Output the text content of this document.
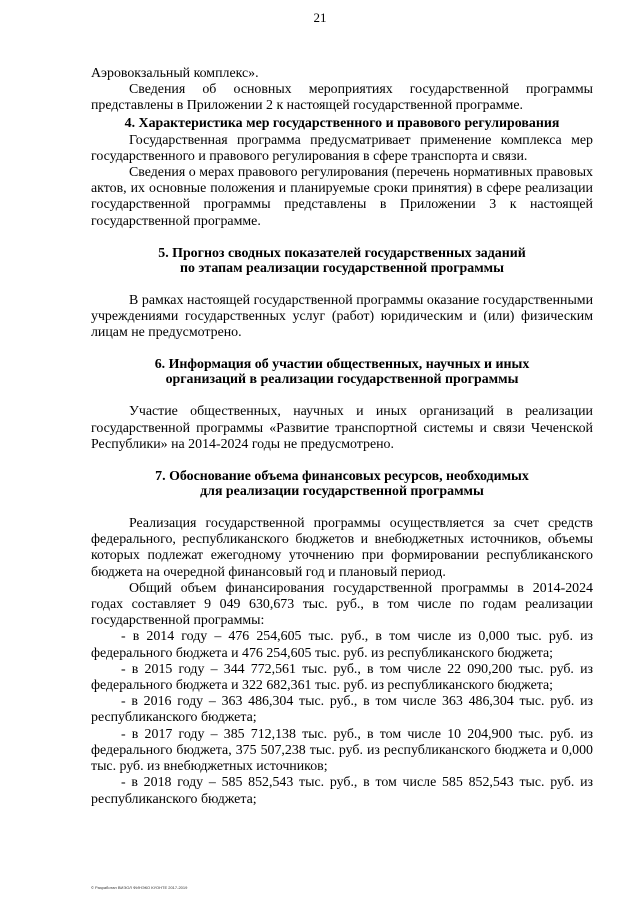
21

Аэровокзальный комплекс».

Сведения об основных мероприятиях государственной программы представлены в Приложении 2 к настоящей государственной программе.

4. Характеристика мер государственного и правового регулирования

Государственная программа предусматривает применение комплекса мер государственного и правового регулирования в сфере транспорта и связи.

Сведения о мерах правового регулирования (перечень нормативных правовых актов, их основные положения и планируемые сроки принятия) в сфере реализации государственной программы представлены в Приложении 3 к настоящей государственной программе.

5. Прогноз сводных показателей государственных заданий
по этапам реализации государственной программы

В рамках настоящей государственной программы оказание государственными учреждениями государственных услуг (работ) юридическим и (или) физическим лицам не предусмотрено.

6. Информация об участии общественных, научных и иных
организаций в реализации государственной программы

Участие общественных, научных и иных организаций в реализации государственной программы «Развитие транспортной системы и связи Чеченской Республики» на 2014-2024 годы не предусмотрено.

7. Обоснование объема финансовых ресурсов, необходимых
для реализации государственной программы

Реализация государственной программы осуществляется за счет средств федерального, республиканского бюджетов и внебюджетных источников, объемы которых подлежат ежегодному уточнению при формировании республиканского бюджета на очередной финансовый год и плановый период.

Общий объем финансирования государственной программы в 2014-2024 годах составляет 9 049 630,673 тыс. руб., в том числе по годам реализации государственной программы:

- в 2014 году – 476 254,605 тыс. руб., в том числе из 0,000 тыс. руб. из федерального бюджета и 476 254,605 тыс. руб. из республиканского бюджета;

- в 2015 году – 344 772,561 тыс. руб., в том числе 22 090,200 тыс. руб. из федерального бюджета и 322 682,361 тыс. руб. из республиканского бюджета;

- в 2016 году – 363 486,304 тыс. руб., в том числе 363 486,304 тыс. руб. из республиканского бюджета;

- в 2017 году – 385 712,138 тыс. руб., в том числе 10 204,900 тыс. руб. из федерального бюджета, 375 507,238 тыс. руб. из республиканского бюджета и 0,000 тыс. руб. из внебюджетных источников;

- в 2018 году – 585 852,543 тыс. руб., в том числе 585 852,543 тыс. руб. из республиканского бюджета;

© Разработан ВИЭОЛ ФИНЭКО КУОНТЕ 2017-2019
